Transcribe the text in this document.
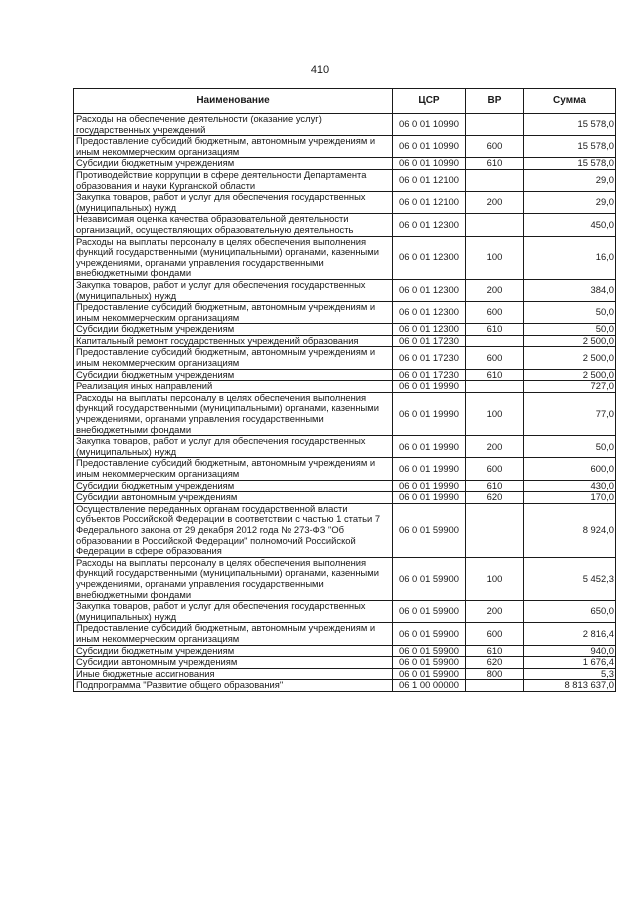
410
Наименование	ЦСР	ВР	Сумма
Расходы на обеспечение деятельности (оказание услуг) государственных учреждений	06 0 01 10990		15 578,0
Предоставление субсидий бюджетным, автономным учреждениям и иным некоммерческим организациям	06 0 01 10990	600	15 578,0
Субсидии бюджетным учреждениям	06 0 01 10990	610	15 578,0
Противодействие коррупции в сфере деятельности Департамента образования и науки Курганской области	06 0 01 12100		29,0
Закупка товаров, работ и услуг для обеспечения государственных (муниципальных) нужд	06 0 01 12100	200	29,0
Независимая оценка качества образовательной деятельности организаций, осуществляющих образовательную деятельность	06 0 01 12300		450,0
Расходы на выплаты персоналу в целях обеспечения выполнения функций государственными (муниципальными) органами, казенными учреждениями, органами управления государственными внебюджетными фондами	06 0 01 12300	100	16,0
Закупка товаров, работ и услуг для обеспечения государственных (муниципальных) нужд	06 0 01 12300	200	384,0
Предоставление субсидий бюджетным, автономным учреждениям и иным некоммерческим организациям	06 0 01 12300	600	50,0
Субсидии бюджетным учреждениям	06 0 01 12300	610	50,0
Капитальный ремонт государственных учреждений образования	06 0 01 17230		2 500,0
Предоставление субсидий бюджетным, автономным учреждениям и иным некоммерческим организациям	06 0 01 17230	600	2 500,0
Субсидии бюджетным учреждениям	06 0 01 17230	610	2 500,0
Реализация иных направлений	06 0 01 19990		727,0
Расходы на выплаты персоналу в целях обеспечения выполнения функций государственными (муниципальными) органами, казенными учреждениями, органами управления государственными внебюджетными фондами	06 0 01 19990	100	77,0
Закупка товаров, работ и услуг для обеспечения государственных (муниципальных) нужд	06 0 01 19990	200	50,0
Предоставление субсидий бюджетным, автономным учреждениям и иным некоммерческим организациям	06 0 01 19990	600	600,0
Субсидии бюджетным учреждениям	06 0 01 19990	610	430,0
Субсидии автономным учреждениям	06 0 01 19990	620	170,0
Осуществление переданных органам государственной власти субъектов Российской Федерации в соответствии с частью 1 статьи 7 Федерального закона от 29 декабря 2012 года № 273-ФЗ "Об образовании в Российской Федерации" полномочий Российской Федерации в сфере образования	06 0 01 59900		8 924,0
Расходы на выплаты персоналу в целях обеспечения выполнения функций государственными (муниципальными) органами, казенными учреждениями, органами управления государственными внебюджетными фондами	06 0 01 59900	100	5 452,3
Закупка товаров, работ и услуг для обеспечения государственных (муниципальных) нужд	06 0 01 59900	200	650,0
Предоставление субсидий бюджетным, автономным учреждениям и иным некоммерческим организациям	06 0 01 59900	600	2 816,4
Субсидии бюджетным учреждениям	06 0 01 59900	610	940,0
Субсидии автономным учреждениям	06 0 01 59900	620	1 676,4
Иные бюджетные ассигнования	06 0 01 59900	800	5,3
Подпрограмма "Развитие общего образования"	06 1 00 00000		8 813 637,0
